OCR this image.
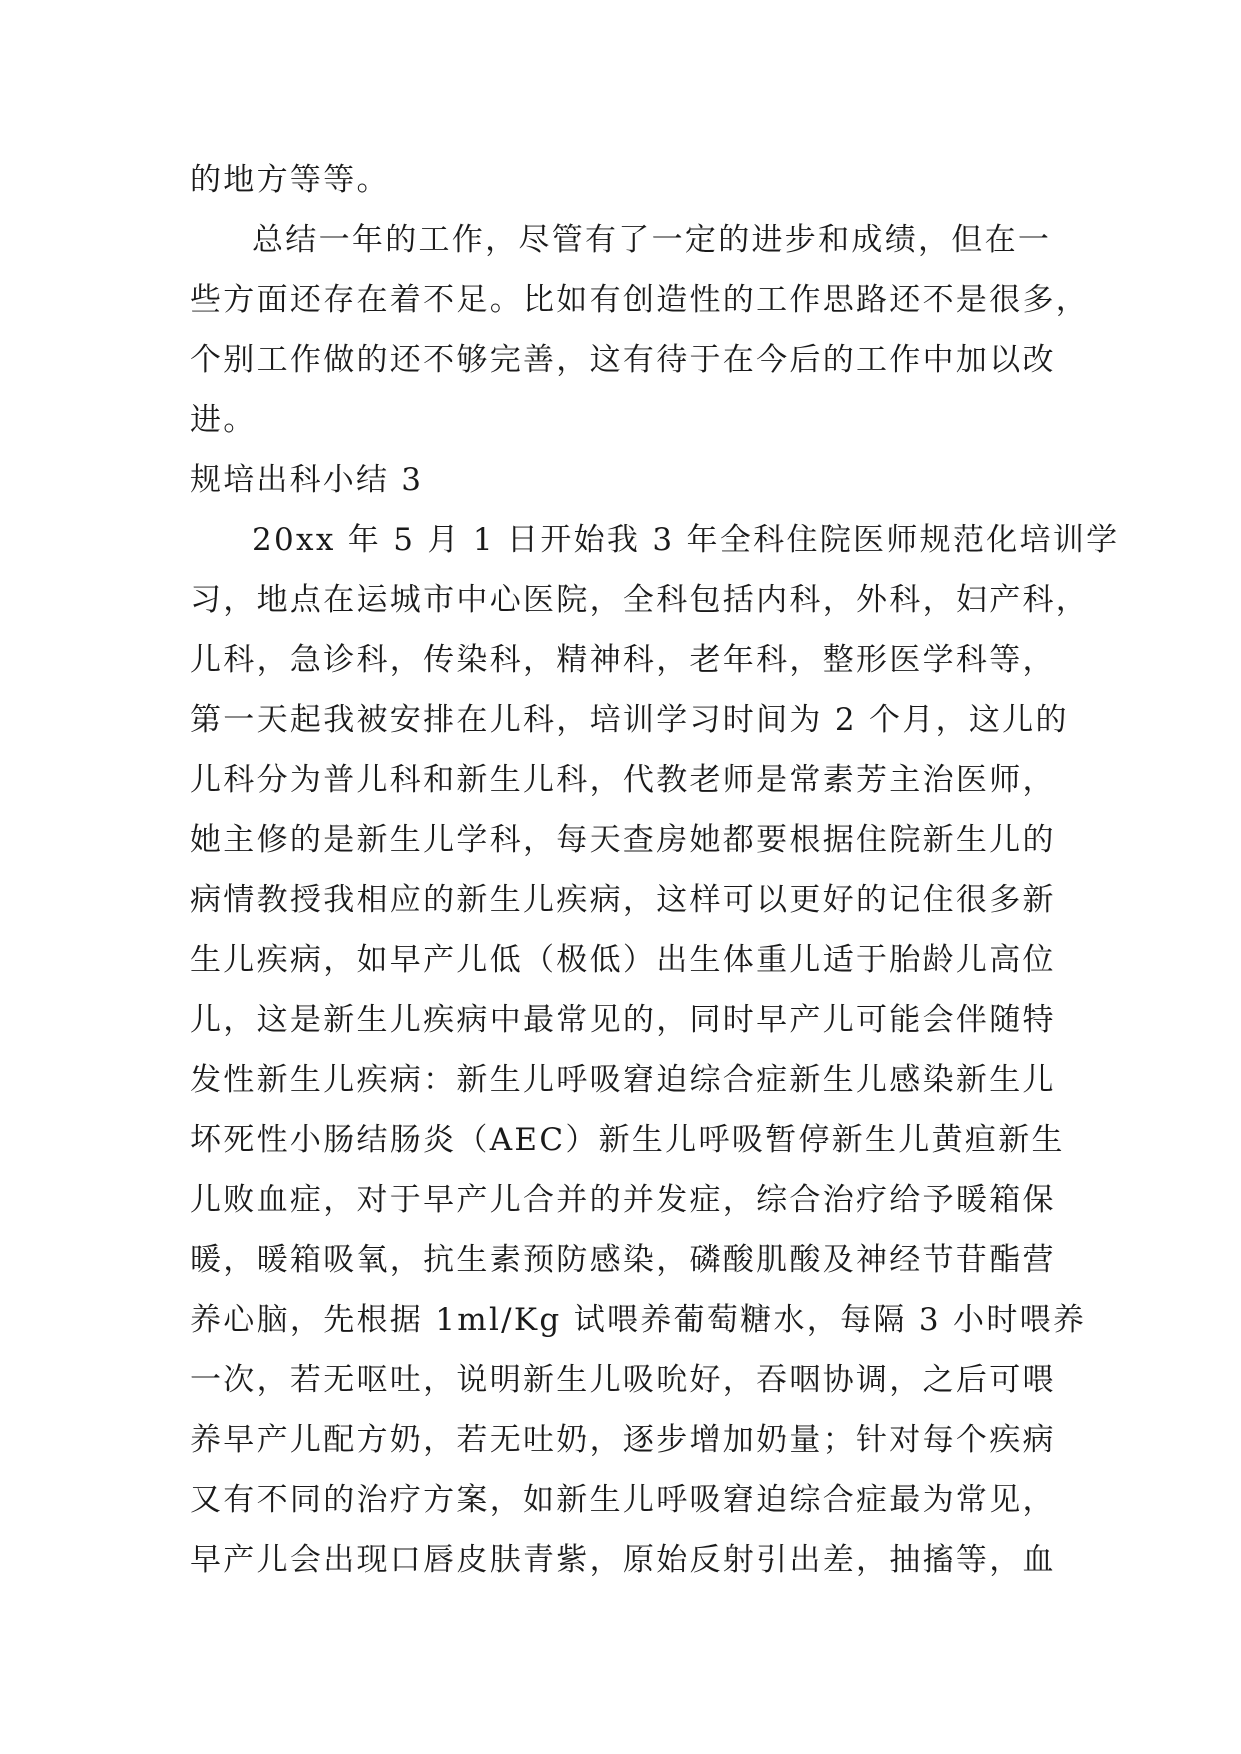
的地方等等。
总结一年的工作，尽管有了一定的进步和成绩，但在一
些方面还存在着不足。比如有创造性的工作思路还不是很多，
个别工作做的还不够完善，这有待于在今后的工作中加以改
进。
规培出科小结 3
20xx 年 5 月 1 日开始我 3 年全科住院医师规范化培训学
习，地点在运城市中心医院，全科包括内科，外科，妇产科，
儿科，急诊科，传染科，精神科，老年科，整形医学科等，
第一天起我被安排在儿科，培训学习时间为 2 个月，这儿的
儿科分为普儿科和新生儿科，代教老师是常素芳主治医师，
她主修的是新生儿学科，每天查房她都要根据住院新生儿的
病情教授我相应的新生儿疾病，这样可以更好的记住很多新
生儿疾病，如早产儿低（极低）出生体重儿适于胎龄儿高位
儿，这是新生儿疾病中最常见的，同时早产儿可能会伴随特
发性新生儿疾病：新生儿呼吸窘迫综合症新生儿感染新生儿
坏死性小肠结肠炎（AEC）新生儿呼吸暂停新生儿黄疸新生
儿败血症，对于早产儿合并的并发症，综合治疗给予暖箱保
暖，暖箱吸氧，抗生素预防感染，磷酸肌酸及神经节苷酯营
养心脑，先根据 1ml/Kg 试喂养葡萄糖水，每隔 3 小时喂养
一次，若无呕吐，说明新生儿吸吮好，吞咽协调，之后可喂
养早产儿配方奶，若无吐奶，逐步增加奶量；针对每个疾病
又有不同的治疗方案，如新生儿呼吸窘迫综合症最为常见，
早产儿会出现口唇皮肤青紫，原始反射引出差，抽搐等，血
